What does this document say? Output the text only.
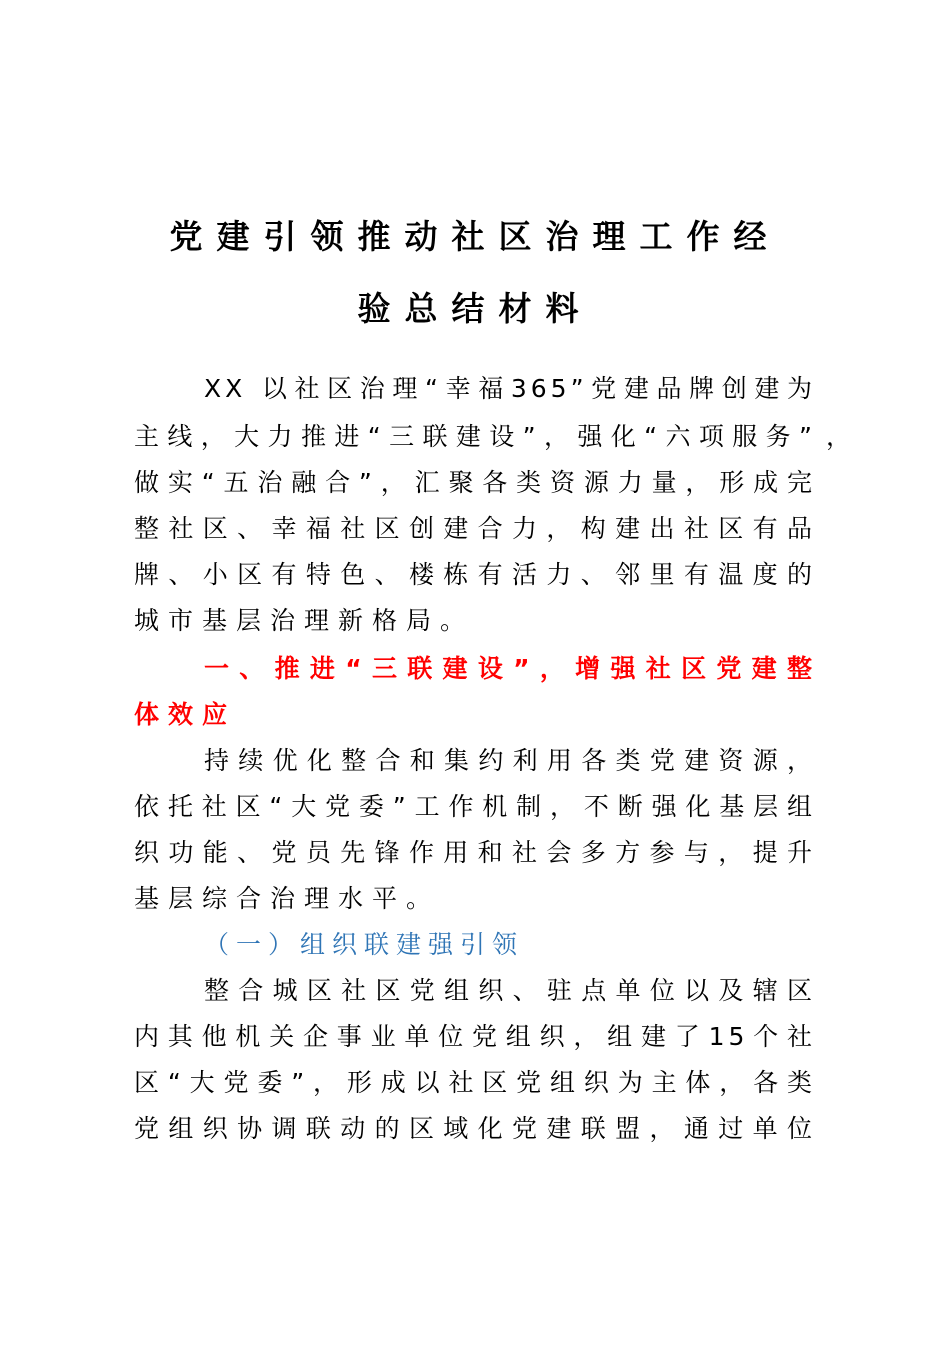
党建引领推动社区治理工作经
验总结材料
XX 以社区治理“幸福365”党建品牌创建为
主线，大力推进“三联建设”，强化“六项服务” ，
做实“五治融合”，汇聚各类资源力量，形成完
整社区、幸福社区创建合力，构建出社区有品
牌、小区有特色、楼栋有活力、邻里有温度的
城市基层治理新格局。
一、推进“三联建设”，增强社区党建整
体效应
持续优化整合和集约利用各类党建资源，
依托社区“大党委”工作机制，不断强化基层组
织功能、党员先锋作用和社会多方参与，提升
基层综合治理水平。
（一）组织联建强引领
整合城区社区党组织、驻点单位以及辖区
内其他机关企事业单位党组织，组建了15个社
区“大党委”，形成以社区党组织为主体，各类
党组织协调联动的区域化党建联盟，通过单位
